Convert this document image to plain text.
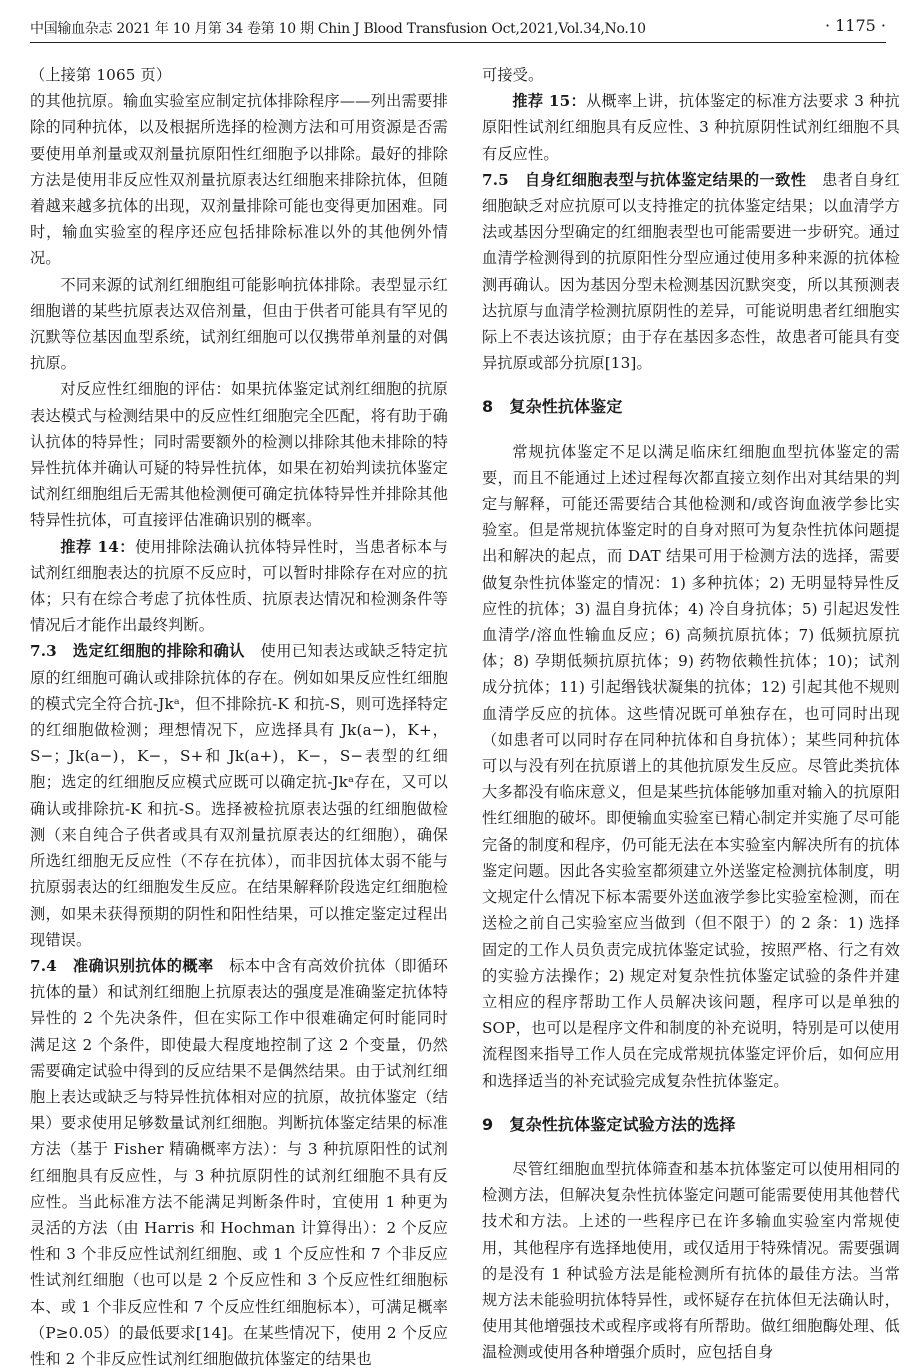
中国输血杂志 2021 年 10 月第 34 卷第 10 期 Chin J Blood Transfusion Oct,2021,Vol.34,No.10	· 1175 ·

（上接第 1065 页）

的其他抗原。输血实验室应制定抗体排除程序——列出需要排除的同种抗体，以及根据所选择的检测方法和可用资源是否需要使用单剂量或双剂量抗原阳性红细胞予以排除。最好的排除方法是使用非反应性双剂量抗原表达红细胞来排除抗体，但随着越来越多抗体的出现，双剂量排除可能也变得更加困难。同时，输血实验室的程序还应包括排除标准以外的其他例外情况。

不同来源的试剂红细胞组可能影响抗体排除。表型显示红细胞谱的某些抗原表达双倍剂量，但由于供者可能具有罕见的沉默等位基因血型系统，试剂红细胞可以仅携带单剂量的对偶抗原。

对反应性红细胞的评估：如果抗体鉴定试剂红细胞的抗原表达模式与检测结果中的反应性红细胞完全匹配，将有助于确认抗体的特异性；同时需要额外的检测以排除其他未排除的特异性抗体并确认可疑的特异性抗体，如果在初始判读抗体鉴定试剂红细胞组后无需其他检测便可确定抗体特异性并排除其他特异性抗体，可直接评估准确识别的概率。

推荐 14：使用排除法确认抗体特异性时，当患者标本与试剂红细胞表达的抗原不反应时，可以暂时排除存在对应的抗体；只有在综合考虑了抗体性质、抗原表达情况和检测条件等情况后才能作出最终判断。

7.3　选定红细胞的排除和确认　使用已知表达或缺乏特定抗原的红细胞可确认或排除抗体的存在。例如如果反应性红细胞的模式完全符合抗-Jkᵃ，但不排除抗-K 和抗-S，则可选择特定的红细胞做检测；理想情况下，应选择具有 Jk(a−)，K+，S−；Jk(a−)，K−，S+和 Jk(a+)，K−，S−表型的红细胞；选定的红细胞反应模式应既可以确定抗-Jkᵃ存在，又可以确认或排除抗-K 和抗-S。选择被检抗原表达强的红细胞做检测（来自纯合子供者或具有双剂量抗原表达的红细胞），确保所选红细胞无反应性（不存在抗体），而非因抗体太弱不能与抗原弱表达的红细胞发生反应。在结果解释阶段选定红细胞检测，如果未获得预期的阴性和阳性结果，可以推定鉴定过程出现错误。

7.4　准确识别抗体的概率　标本中含有高效价抗体（即循环抗体的量）和试剂红细胞上抗原表达的强度是准确鉴定抗体特异性的 2 个先决条件，但在实际工作中很难确定何时能同时满足这 2 个条件，即使最大程度地控制了这 2 个变量，仍然需要确定试验中得到的反应结果不是偶然结果。由于试剂红细胞上表达或缺乏与特异性抗体相对应的抗原，故抗体鉴定（结果）要求使用足够数量试剂红细胞。判断抗体鉴定结果的标准方法（基于 Fisher 精确概率方法）：与 3 种抗原阳性的试剂红细胞具有反应性，与 3 种抗原阴性的试剂红细胞不具有反应性。当此标准方法不能满足判断条件时，宜使用 1 种更为灵活的方法（由 Harris 和 Hochman 计算得出）：2 个反应性和 3 个非反应性试剂红细胞、或 1 个反应性和 7 个非反应性试剂红细胞（也可以是 2 个反应性和 3 个反应性红细胞标本、或 1 个非反应性和 7 个反应性红细胞标本），可满足概率（P≥0.05）的最低要求[14]。在某些情况下，使用 2 个反应性和 2 个非反应性试剂红细胞做抗体鉴定的结果也

可接受。

推荐 15：从概率上讲，抗体鉴定的标准方法要求 3 种抗原阳性试剂红细胞具有反应性、3 种抗原阴性试剂红细胞不具有反应性。

7.5　自身红细胞表型与抗体鉴定结果的一致性　患者自身红细胞缺乏对应抗原可以支持推定的抗体鉴定结果；以血清学方法或基因分型确定的红细胞表型也可能需要进一步研究。通过血清学检测得到的抗原阳性分型应通过使用多种来源的抗体检测再确认。因为基因分型未检测基因沉默突变，所以其预测表达抗原与血清学检测抗原阴性的差异，可能说明患者红细胞实际上不表达该抗原；由于存在基因多态性，故患者可能具有变异抗原或部分抗原[13]。

8　复杂性抗体鉴定

常规抗体鉴定不足以满足临床红细胞血型抗体鉴定的需要，而且不能通过上述过程每次都直接立刻作出对其结果的判定与解释，可能还需要结合其他检测和/或咨询血液学参比实验室。但是常规抗体鉴定时的自身对照可为复杂性抗体问题提出和解决的起点，而 DAT 结果可用于检测方法的选择，需要做复杂性抗体鉴定的情况：1) 多种抗体；2) 无明显特异性反应性的抗体；3) 温自身抗体；4) 冷自身抗体；5) 引起迟发性血清学/溶血性输血反应；6) 高频抗原抗体；7) 低频抗原抗体；8) 孕期低频抗原抗体；9) 药物依赖性抗体；10)；试剂成分抗体；11) 引起缗钱状凝集的抗体；12) 引起其他不规则血清学反应的抗体。这些情况既可单独存在，也可同时出现（如患者可以同时存在同种抗体和自身抗体）；某些同种抗体可以与没有列在抗原谱上的其他抗原发生反应。尽管此类抗体大多都没有临床意义，但是某些抗体能够加重对输入的抗原阳性红细胞的破坏。即便输血实验室已精心制定并实施了尽可能完备的制度和程序，仍可能无法在本实验室内解决所有的抗体鉴定问题。因此各实验室都须建立外送鉴定检测抗体制度，明文规定什么情况下标本需要外送血液学参比实验室检测，而在送检之前自己实验室应当做到（但不限于）的 2 条：1) 选择固定的工作人员负责完成抗体鉴定试验，按照严格、行之有效的实验方法操作；2) 规定对复杂性抗体鉴定试验的条件并建立相应的程序帮助工作人员解决该问题，程序可以是单独的 SOP，也可以是程序文件和制度的补充说明，特别是可以使用流程图来指导工作人员在完成常规抗体鉴定评价后，如何应用和选择适当的补充试验完成复杂性抗体鉴定。

9　复杂性抗体鉴定试验方法的选择

尽管红细胞血型抗体筛查和基本抗体鉴定可以使用相同的检测方法，但解决复杂性抗体鉴定问题可能需要使用其他替代技术和方法。上述的一些程序已在许多输血实验室内常规使用，其他程序有选择地使用，或仅适用于特殊情况。需要强调的是没有 1 种试验方法是能检测所有抗体的最佳方法。当常规方法未能验明抗体特异性，或怀疑存在抗体但无法确认时，使用其他增强技术或程序或将有所帮助。做红细胞酶处理、低温检测或使用各种增强介质时，应包括自身
